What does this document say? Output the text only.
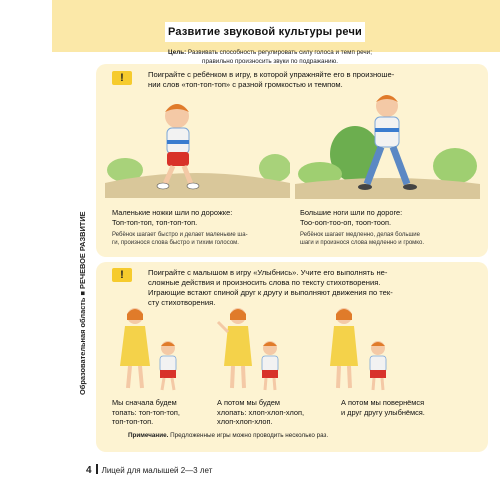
Развитие звуковой культуры речи
Цель: Развивать способность регулировать силу голоса и темп речи;
правильно произносить звуки по подражанию.
Образовательная область ■ РЕЧЕВОЕ РАЗВИТИЕ
!	Поиграйте с ребёнком в игру, в которой упражняйте его в произноше-
нии слов «топ-топ-топ» с разной громкостью и темпом.
Маленькие ножки шли по дорожке:
Топ-топ-топ, топ-топ-топ.
Ребёнок шагает быстро и делает маленькие ша-
ги, произнося слова быстро и тихим голосом.
Большие ноги шли по дороге:
Тоо-ооп-тоо-оп, тооп-тооп.
Ребёнок шагает медленно, делая большие
шаги и произнося слова медленно и громко.
!	Поиграйте с малышом в игру «Улыбнись». Учите его выполнять не-
сложные действия и произносить слова по тексту стихотворения.
Играющие встают спиной друг к другу и выполняют движения по тек-
сту стихотворения.
Мы сначала будем
топать: топ-топ-топ,
топ-топ-топ.
А потом мы будем
хлопать: хлоп-хлоп-хлоп,
хлоп-хлоп-хлоп.
А потом мы повернёмся
и друг другу улыбнёмся.
Примечание. Предложенные игры можно проводить несколько раз.
4 Лицей для малышей 2—3 лет
